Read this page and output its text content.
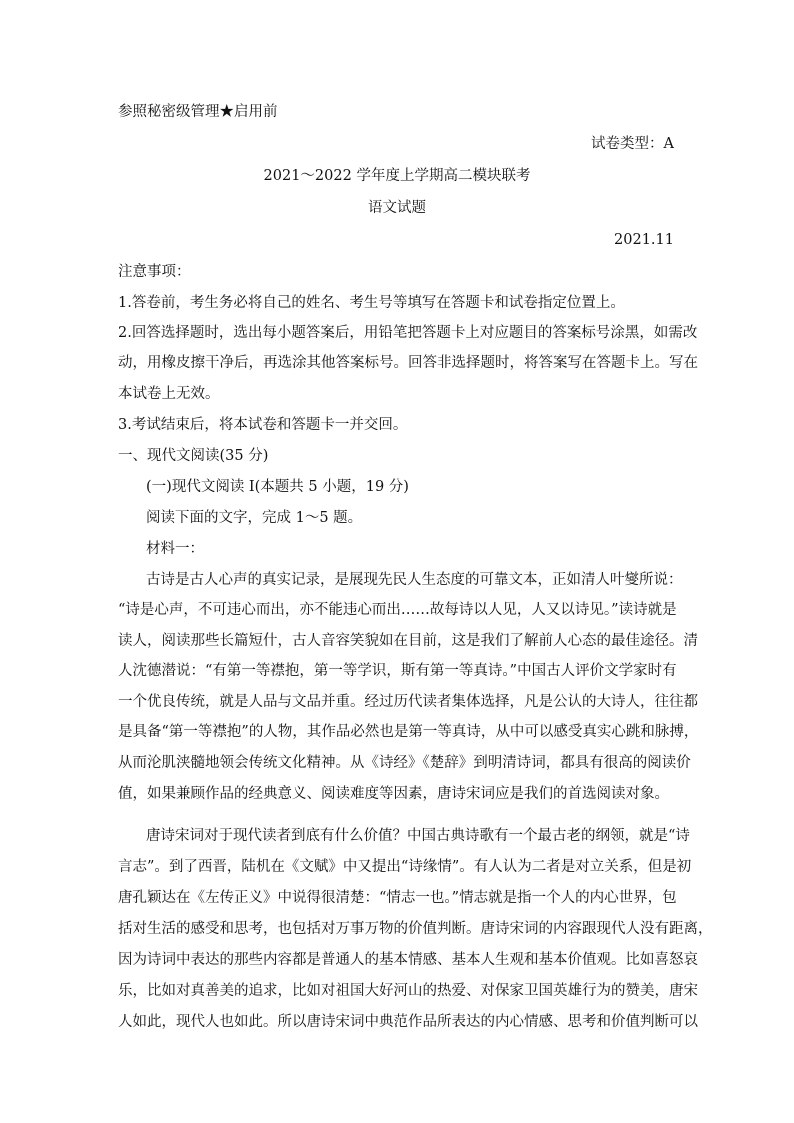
参照秘密级管理★启用前
试卷类型：A
2021～2022 学年度上学期高二模块联考
语文试题
2021.11
注意事项：
1.答卷前，考生务必将自己的姓名、考生号等填写在答题卡和试卷指定位置上。
2.回答选择题时，选出每小题答案后，用铅笔把答题卡上对应题目的答案标号涂黑，如需改
动，用橡皮擦干净后，再选涂其他答案标号。回答非选择题时，将答案写在答题卡上。写在
本试卷上无效。
3.考试结束后，将本试卷和答题卡一并交回。
一、现代文阅读(35 分)
(一)现代文阅读 I(本题共 5 小题，19 分)
阅读下面的文字，完成 1～5 题。
材料一：
古诗是古人心声的真实记录，是展现先民人生态度的可靠文本，正如清人叶燮所说：
“诗是心声，不可违心而出，亦不能违心而出……故每诗以人见，人又以诗见。”读诗就是
读人，阅读那些长篇短什，古人音容笑貌如在目前，这是我们了解前人心态的最佳途径。清
人沈德潜说：“有第一等襟抱，第一等学识，斯有第一等真诗。”中国古人评价文学家时有
一个优良传统，就是人品与文品并重。经过历代读者集体选择，凡是公认的大诗人，往往都
是具备“第一等襟抱”的人物，其作品必然也是第一等真诗，从中可以感受真实心跳和脉搏，
从而沦肌浃髓地领会传统文化精神。从《诗经》《楚辞》到明清诗词，都具有很高的阅读价
值，如果兼顾作品的经典意义、阅读难度等因素，唐诗宋词应是我们的首选阅读对象。
唐诗宋词对于现代读者到底有什么价值？中国古典诗歌有一个最古老的纲领，就是“诗
言志”。到了西晋，陆机在《文赋》中又提出“诗缘情”。有人认为二者是对立关系，但是初
唐孔颖达在《左传正义》中说得很清楚：“情志一也。”情志就是指一个人的内心世界，包
括对生活的感受和思考，也包括对万事万物的价值判断。唐诗宋词的内容跟现代人没有距离，
因为诗词中表达的那些内容都是普通人的基本情感、基本人生观和基本价值观。比如喜怒哀
乐，比如对真善美的追求，比如对祖国大好河山的热爱、对保家卫国英雄行为的赞美，唐宋
人如此，现代人也如此。所以唐诗宋词中典范作品所表达的内心情感、思考和价值判断可以
